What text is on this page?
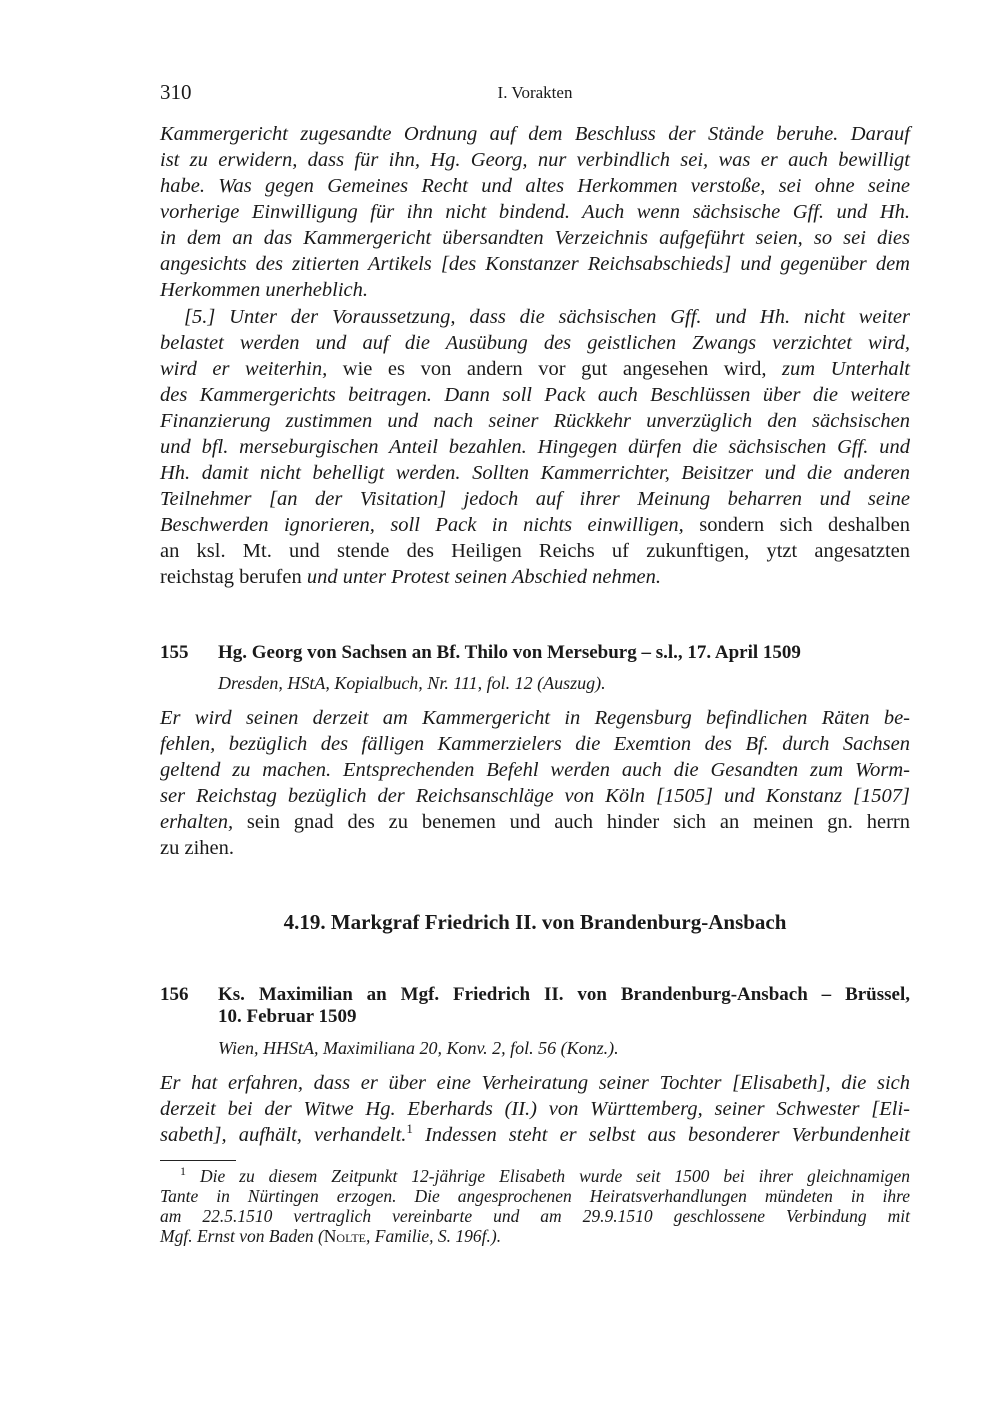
310	I. Vorakten
Kammergericht zugesandte Ordnung auf dem Beschluss der Stände beruhe. Darauf
ist zu erwidern, dass für ihn, Hg. Georg, nur verbindlich sei, was er auch bewilligt
habe. Was gegen Gemeines Recht und altes Herkommen verstoße, sei ohne seine
vorherige Einwilligung für ihn nicht bindend. Auch wenn sächsische Gff. und Hh.
in dem an das Kammergericht übersandten Verzeichnis aufgeführt seien, so sei dies
angesichts des zitierten Artikels [des Konstanzer Reichsabschieds] und gegenüber dem
Herkommen unerheblich.
[5.] Unter der Voraussetzung, dass die sächsischen Gff. und Hh. nicht weiter
belastet werden und auf die Ausübung des geistlichen Zwangs verzichtet wird,
wird er weiterhin, wie es von andern vor gut angesehen wird, zum Unterhalt
des Kammergerichts beitragen. Dann soll Pack auch Beschlüssen über die weitere
Finanzierung zustimmen und nach seiner Rückkehr unverzüglich den sächsischen
und bfl. merseburgischen Anteil bezahlen. Hingegen dürfen die sächsischen Gff. und
Hh. damit nicht behelligt werden. Sollten Kammerrichter, Beisitzer und die anderen
Teilnehmer [an der Visitation] jedoch auf ihrer Meinung beharren und seine
Beschwerden ignorieren, soll Pack in nichts einwilligen, sondern sich deshalben
an ksl. Mt. und stende des Heiligen Reichs uf zukunftigen, ytzt angesatzten
reichstag berufen und unter Protest seinen Abschied nehmen.
155	Hg. Georg von Sachsen an Bf. Thilo von Merseburg – s.l., 17. April 1509
Dresden, HStA, Kopialbuch, Nr. 111, fol. 12 (Auszug).
Er wird seinen derzeit am Kammergericht in Regensburg befindlichen Räten be-
fehlen, bezüglich des fälligen Kammerzielers die Exemtion des Bf. durch Sachsen
geltend zu machen. Entsprechenden Befehl werden auch die Gesandten zum Worm-
ser Reichstag bezüglich der Reichsanschläge von Köln [1505] und Konstanz [1507]
erhalten, sein gnad des zu benemen und auch hinder sich an meinen gn. herrn
zu zihen.
4.19. Markgraf Friedrich II. von Brandenburg-Ansbach
156	Ks. Maximilian an Mgf. Friedrich II. von Brandenburg-Ansbach – Brüssel,
10. Februar 1509
Wien, HHStA, Maximiliana 20, Konv. 2, fol. 56 (Konz.).
Er hat erfahren, dass er über eine Verheiratung seiner Tochter [Elisabeth], die sich
derzeit bei der Witwe Hg. Eberhards (II.) von Württemberg, seiner Schwester [Eli-
sabeth], aufhält, verhandelt.$^1$ Indessen steht er selbst aus besonderer Verbundenheit
$^1$ Die zu diesem Zeitpunkt 12-jährige Elisabeth wurde seit 1500 bei ihrer gleichnamigen
Tante in Nürtingen erzogen. Die angesprochenen Heiratsverhandlungen mündeten in ihre
am 22.5.1510 vertraglich vereinbarte und am 29.9.1510 geschlossene Verbindung mit
Mgf. Ernst von Baden (Nolte, Familie, S. 196f.).
